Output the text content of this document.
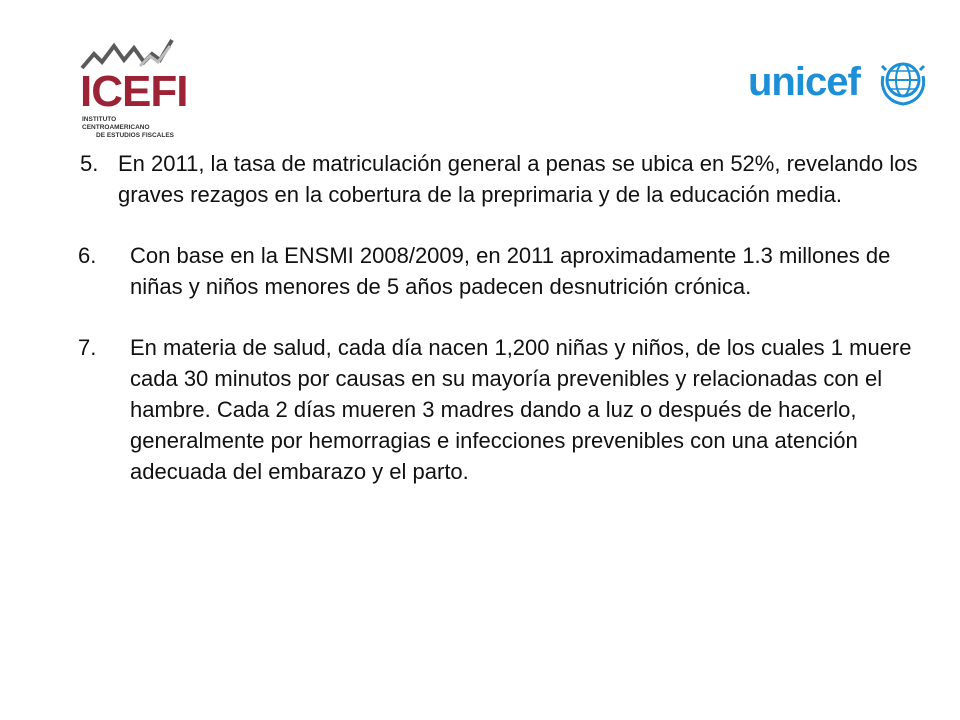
ICEFI
INSTITUTO CENTROAMERICANO
DE ESTUDIOS FISCALES
unicef
5. En 2011, la tasa de matriculación general a penas se ubica en 52%, revelando los graves rezagos en la cobertura de la preprimaria y de la educación media.
6.	Con base en la ENSMI 2008/2009, en 2011 aproximadamente 1.3 millones de niñas y niños menores de 5 años padecen desnutrición crónica.
7.	En materia de salud, cada día nacen 1,200 niñas y niños, de los cuales 1 muere cada 30 minutos por causas en su mayoría prevenibles y relacionadas con el hambre. Cada 2 días mueren 3 madres dando a luz o después de hacerlo, generalmente por hemorragias e infecciones prevenibles con una atención adecuada del embarazo y el parto.
